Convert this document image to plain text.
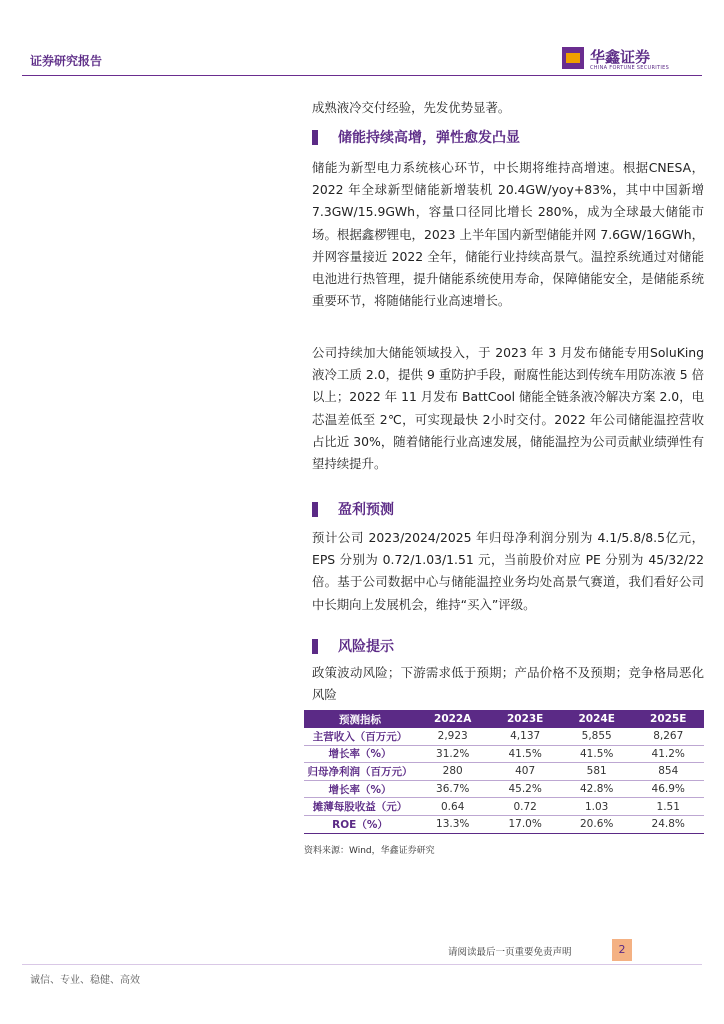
证券研究报告	华鑫证券
CHINA FORTUNE SECURITIES

成熟液冷交付经验，先发优势显著。

储能持续高增，弹性愈发凸显

储能为新型电力系统核心环节，中长期将维持高增速。根据CNESA，2022 年全球新型储能新增装机 20.4GW/yoy+83%，其中中国新增 7.3GW/15.9GWh，容量口径同比增长 280%，成为全球最大储能市场。根据鑫椤锂电，2023 上半年国内新型储能并网 7.6GW/16GWh，并网容量接近 2022 全年，储能行业持续高景气。温控系统通过对储能电池进行热管理，提升储能系统使用寿命，保障储能安全，是储能系统重要环节，将随储能行业高速增长。

公司持续加大储能领域投入，于 2023 年 3 月发布储能专用SoluKing 液冷工质 2.0，提供 9 重防护手段，耐腐性能达到传统车用防冻液 5 倍以上；2022 年 11 月发布 BattCool 储能全链条液冷解决方案 2.0，电芯温差低至 2℃，可实现最快 2小时交付。2022 年公司储能温控营收占比近 30%，随着储能行业高速发展，储能温控为公司贡献业绩弹性有望持续提升。

盈利预测

预计公司 2023/2024/2025 年归母净利润分别为 4.1/5.8/8.5亿元，EPS 分别为 0.72/1.03/1.51 元，当前股价对应 PE 分别为 45/32/22 倍。基于公司数据中心与储能温控业务均处高景气赛道，我们看好公司中长期向上发展机会，维持“买入”评级。

风险提示

政策波动风险；下游需求低于预期；产品价格不及预期；竞争格局恶化风险

预测指标	2022A	2023E	2024E	2025E
主营收入（百万元）	2,923	4,137	5,855	8,267
增长率（%）	31.2%	41.5%	41.5%	41.2%
归母净利润（百万元）	280	407	581	854
增长率（%）	36.7%	45.2%	42.8%	46.9%
摊薄每股收益（元）	0.64	0.72	1.03	1.51
ROE（%）	13.3%	17.0%	20.6%	24.8%
资料来源：Wind，华鑫证券研究
请阅读最后一页重要免责声明	2
诚信、专业、稳健、高效
